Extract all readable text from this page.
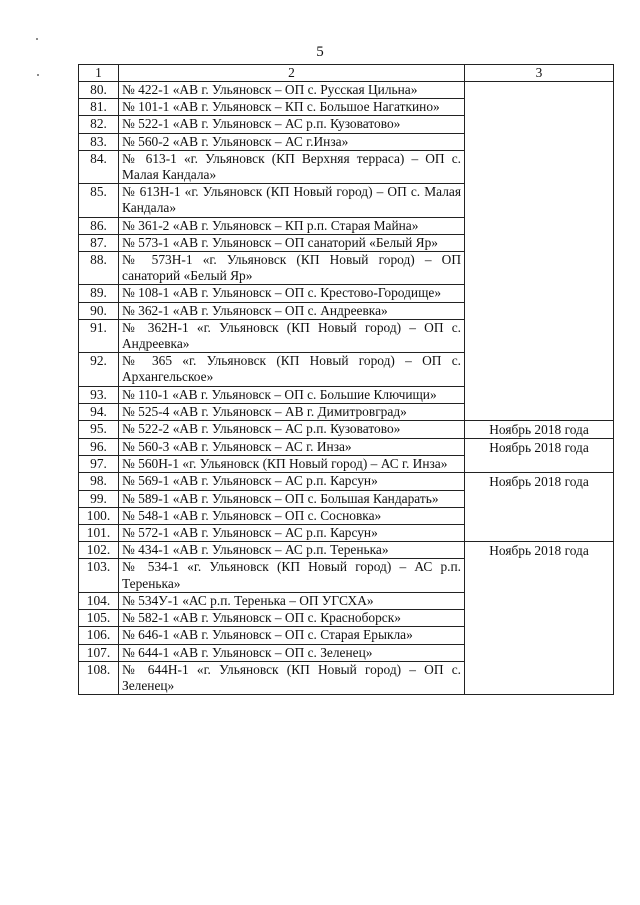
5
1	2	3
80.	№ 422-1 «АВ г. Ульяновск – ОП с. Русская Цильна»	
81.	№ 101-1 «АВ г. Ульяновск – КП с. Большое Нагаткино»	
82.	№ 522-1 «АВ г. Ульяновск – АС р.п. Кузоватово»	
83.	№ 560-2 «АВ г. Ульяновск – АС г.Инза»	
84.	№ 613-1 «г. Ульяновск (КП Верхняя терраса) – ОП с. Малая Кандала»	
85.	№ 613Н-1 «г. Ульяновск (КП Новый город) – ОП с. Малая Кандала»	
86.	№ 361-2 «АВ г. Ульяновск – КП р.п. Старая Майна»	
87.	№ 573-1 «АВ г. Ульяновск – ОП санаторий «Белый Яр»	
88.	№ 573Н-1 «г. Ульяновск (КП Новый город) – ОП санаторий «Белый Яр»	
89.	№ 108-1 «АВ г. Ульяновск – ОП с. Крестово-Городище»	
90.	№ 362-1 «АВ г. Ульяновск – ОП с. Андреевка»	
91.	№ 362Н-1 «г. Ульяновск (КП Новый город) – ОП с. Андреевка»	
92.	№ 365 «г. Ульяновск (КП Новый город) – ОП с. Архангельское»	
93.	№ 110-1 «АВ г. Ульяновск – ОП с. Большие Ключищи»	
94.	№ 525-4 «АВ г. Ульяновск – АВ г. Димитровград»	
95.	№ 522-2 «АВ г. Ульяновск – АС р.п. Кузоватово»	Ноябрь 2018 года
96.	№ 560-3 «АВ г. Ульяновск – АС г. Инза»	Ноябрь 2018 года
97.	№ 560Н-1 «г. Ульяновск (КП Новый город) – АС г. Инза»	
98.	№ 569-1 «АВ г. Ульяновск – АС р.п. Карсун»	Ноябрь 2018 года
99.	№ 589-1 «АВ г. Ульяновск – ОП с. Большая Кандарать»	
100.	№ 548-1 «АВ г. Ульяновск – ОП с. Сосновка»	
101.	№ 572-1 «АВ г. Ульяновск – АС р.п. Карсун»	
102.	№ 434-1 «АВ г. Ульяновск – АС р.п. Теренька»	Ноябрь 2018 года
103.	№ 534-1 «г. Ульяновск (КП Новый город) – АС р.п. Теренька»	
104.	№ 534У-1 «АС р.п. Теренька – ОП УГСХА»	
105.	№ 582-1 «АВ г. Ульяновск – ОП с. Красноборск»	
106.	№ 646-1 «АВ г. Ульяновск – ОП с. Старая Ерыкла»	
107.	№ 644-1 «АВ г. Ульяновск – ОП с. Зеленец»	
108.	№ 644Н-1 «г. Ульяновск (КП Новый город) – ОП с. Зеленец»	
